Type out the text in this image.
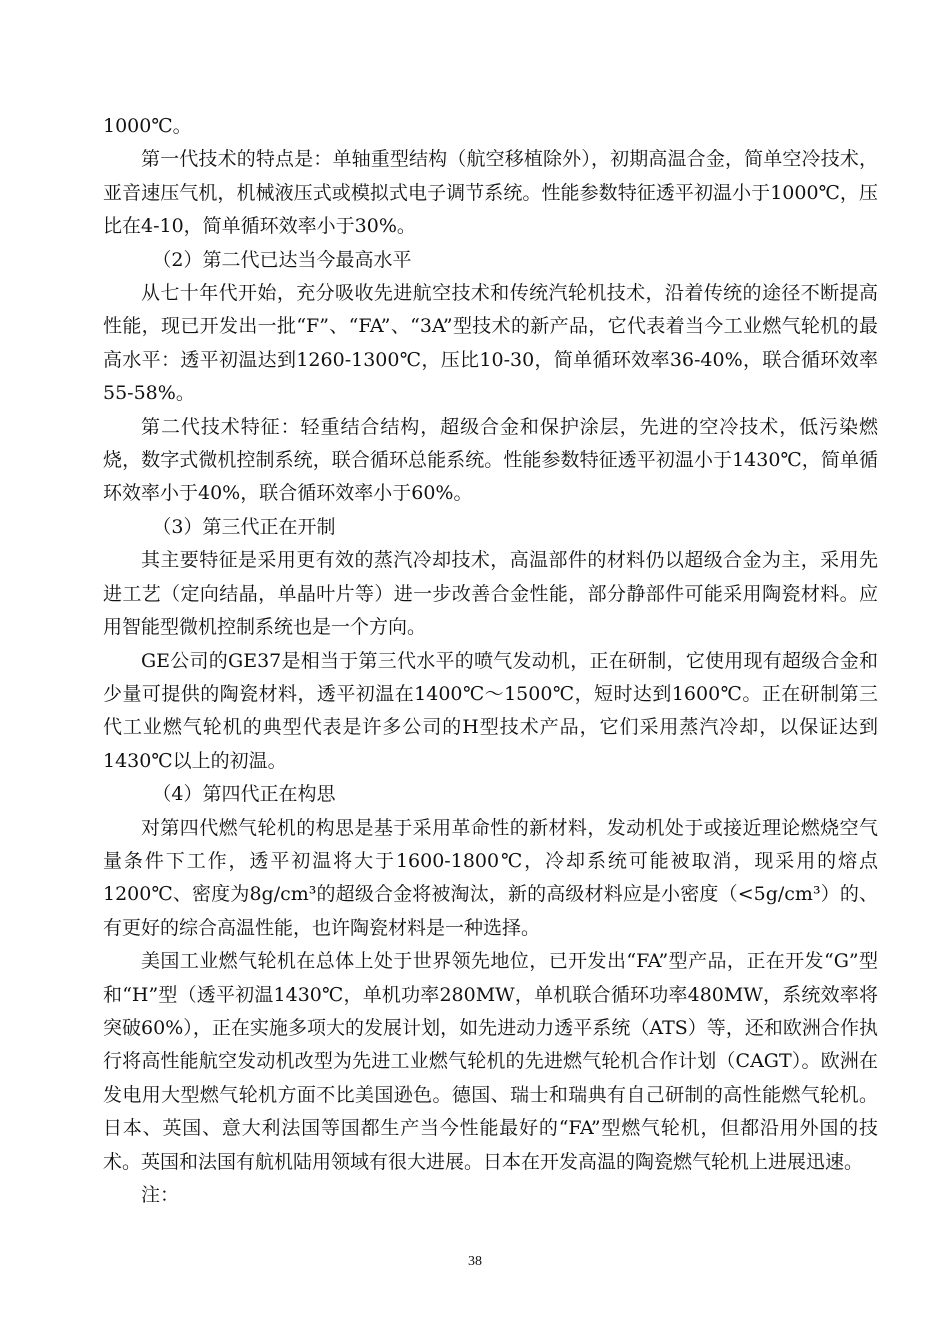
1000℃。

第一代技术的特点是：单轴重型结构（航空移植除外），初期高温合金，简单空冷技术，亚音速压气机，机械液压式或模拟式电子调节系统。性能参数特征透平初温小于1000℃，压比在4-10，简单循环效率小于30%。

（2）第二代已达当今最高水平

从七十年代开始，充分吸收先进航空技术和传统汽轮机技术，沿着传统的途径不断提高性能，现已开发出一批“F”、“FA”、“3A”型技术的新产品，它代表着当今工业燃气轮机的最高水平：透平初温达到1260-1300℃，压比10-30，简单循环效率36-40%，联合循环效率55-58%。

第二代技术特征：轻重结合结构，超级合金和保护涂层，先进的空冷技术，低污染燃烧，数字式微机控制系统，联合循环总能系统。性能参数特征透平初温小于1430℃，简单循环效率小于40%，联合循环效率小于60%。

（3）第三代正在开制

其主要特征是采用更有效的蒸汽冷却技术，高温部件的材料仍以超级合金为主，采用先进工艺（定向结晶，单晶叶片等）进一步改善合金性能，部分静部件可能采用陶瓷材料。应用智能型微机控制系统也是一个方向。

GE公司的GE37是相当于第三代水平的喷气发动机，正在研制，它使用现有超级合金和少量可提供的陶瓷材料，透平初温在1400℃～1500℃，短时达到1600℃。正在研制第三代工业燃气轮机的典型代表是许多公司的H型技术产品，它们采用蒸汽冷却，以保证达到1430℃以上的初温。

（4）第四代正在构思

对第四代燃气轮机的构思是基于采用革命性的新材料，发动机处于或接近理论燃烧空气量条件下工作，透平初温将大于1600-1800℃，冷却系统可能被取消，现采用的熔点1200℃、密度为8g/cm³的超级合金将被淘汰，新的高级材料应是小密度（<5g/cm³）的、有更好的综合高温性能，也许陶瓷材料是一种选择。

美国工业燃气轮机在总体上处于世界领先地位，已开发出“FA”型产品，正在开发“G”型和“H”型（透平初温1430℃，单机功率280MW，单机联合循环功率480MW，系统效率将突破60%），正在实施多项大的发展计划，如先进动力透平系统（ATS）等，还和欧洲合作执行将高性能航空发动机改型为先进工业燃气轮机的先进燃气轮机合作计划（CAGT）。欧洲在发电用大型燃气轮机方面不比美国逊色。德国、瑞士和瑞典有自己研制的高性能燃气轮机。日本、英国、意大利法国等国都生产当今性能最好的“FA”型燃气轮机，但都沿用外国的技术。英国和法国有航机陆用领域有很大进展。日本在开发高温的陶瓷燃气轮机上进展迅速。

注：

38
